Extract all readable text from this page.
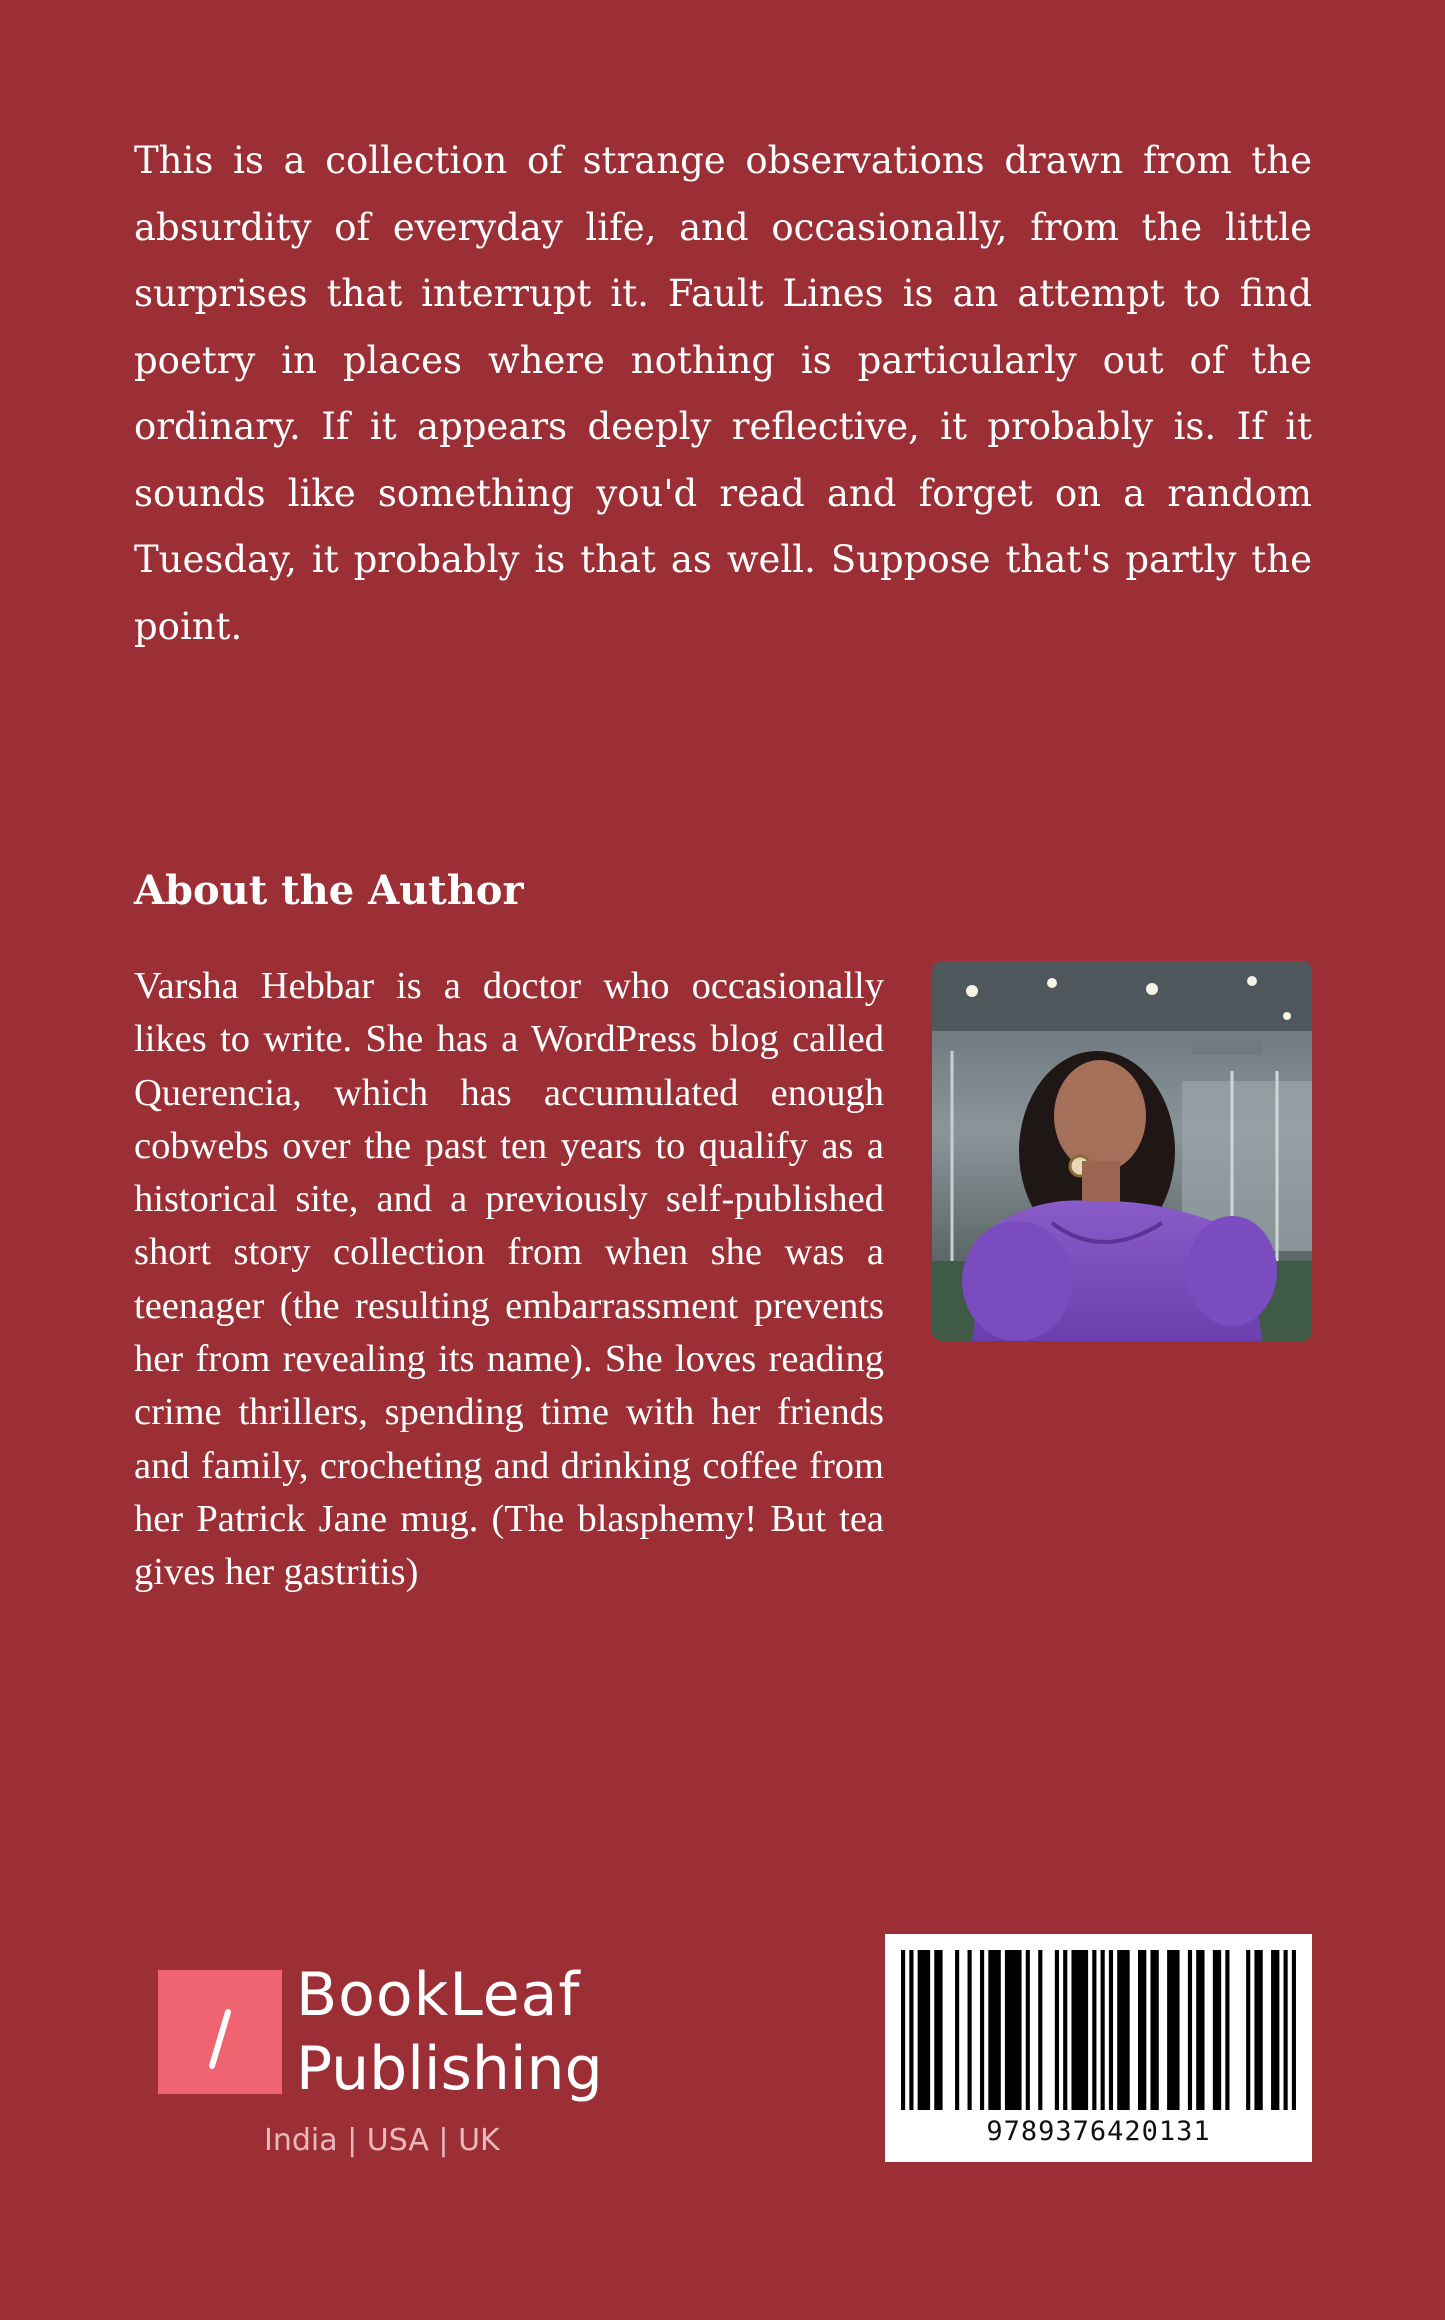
This is a collection of strange observations drawn from the absurdity of everyday life, and occasionally, from the little surprises that interrupt it. Fault Lines is an attempt to find poetry in places where nothing is particularly out of the ordinary. If it appears deeply reflective, it probably is. If it sounds like something you'd read and forget on a random Tuesday, it probably is that as well. Suppose that's partly the point.

About the Author

Varsha Hebbar is a doctor who occasionally likes to write. She has a WordPress blog called Querencia, which has accumulated enough cobwebs over the past ten years to qualify as a historical site, and a previously self-published short story collection from when she was a teenager (the resulting embarrassment prevents her from revealing its name). She loves reading crime thrillers, spending time with her friends and family, crocheting and drinking coffee from her Patrick Jane mug. (The blasphemy! But tea gives her gastritis)

BookLeaf

Publishing

India | USA | UK	9789376420131
